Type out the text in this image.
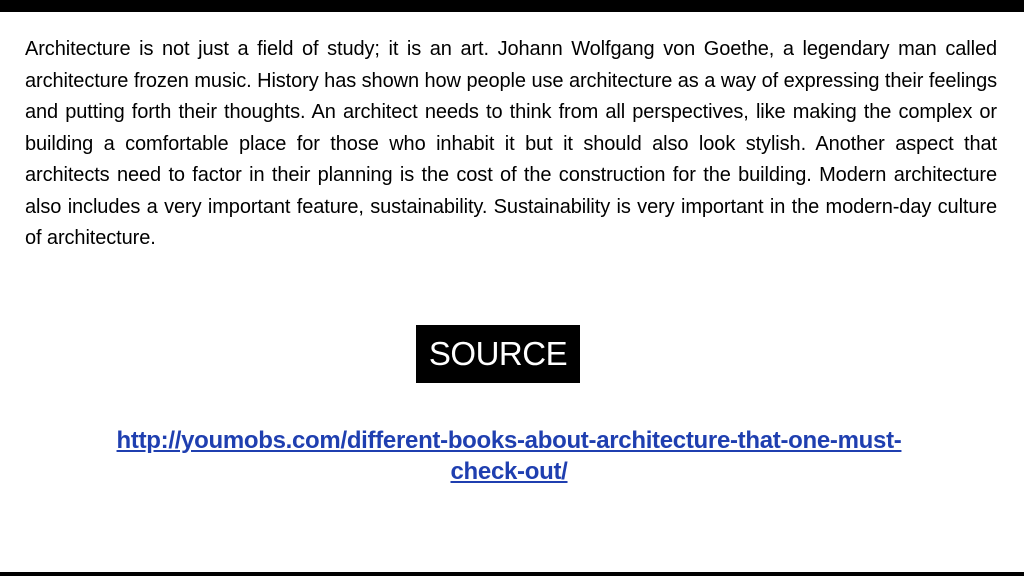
Architecture is not just a field of study; it is an art. Johann Wolfgang von Goethe, a legendary man called architecture frozen music. History has shown how people use architecture as a way of expressing their feelings and putting forth their thoughts. An architect needs to think from all perspectives, like making the complex or building a comfortable place for those who inhabit it but it should also look stylish. Another aspect that architects need to factor in their planning is the cost of the construction for the building. Modern architecture also includes a very important feature, sustainability. Sustainability is very important in the modern-day culture of architecture.

SOURCE
http://youmobs.com/different-books-about-architecture-that-one-must-check-out/
